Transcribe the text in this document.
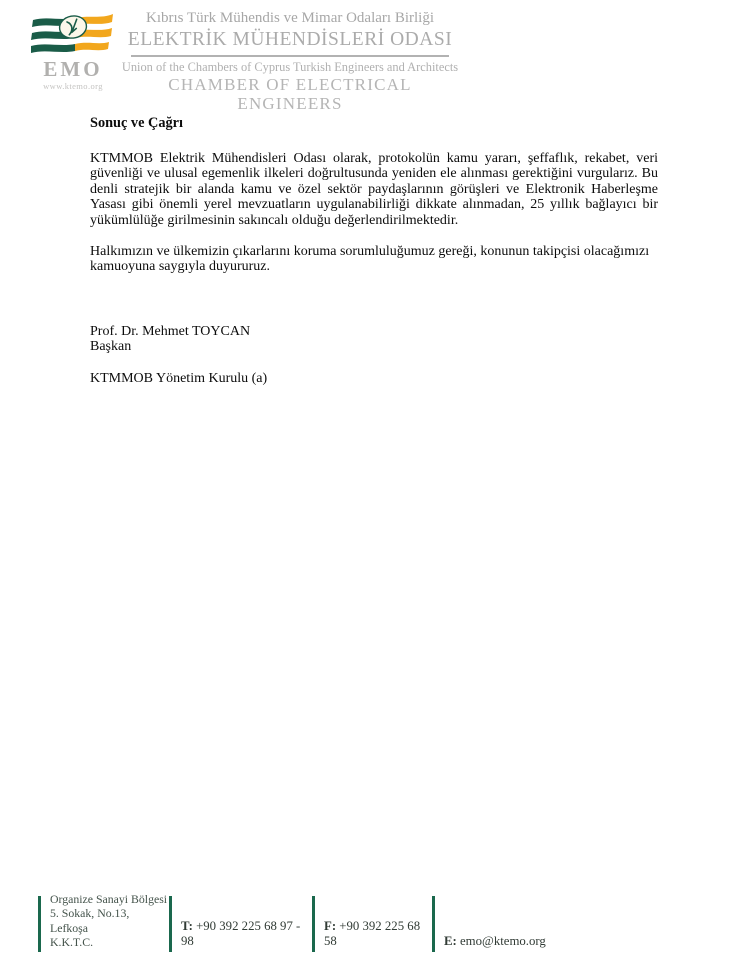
EMO
www.ktemo.org
Kıbrıs Türk Mühendis ve Mimar Odaları Birliği
ELEKTRİK MÜHENDİSLERİ ODASI
Union of the Chambers of Cyprus Turkish Engineers and Architects
CHAMBER OF ELECTRICAL ENGINEERS
Sonuç ve Çağrı

KTMMOB Elektrik Mühendisleri Odası olarak, protokolün kamu yararı, şeffaflık, rekabet, veri güvenliği ve ulusal egemenlik ilkeleri doğrultusunda yeniden ele alınması gerektiğini vurgularız. Bu denli stratejik bir alanda kamu ve özel sektör paydaşlarının görüşleri ve Elektronik Haberleşme Yasası gibi önemli yerel mevzuatların uygulanabilirliği dikkate alınmadan, 25 yıllık bağlayıcı bir yükümlülüğe girilmesinin sakıncalı olduğu değerlendirilmektedir.

Halkımızın ve ülkemizin çıkarlarını koruma sorumluluğumuz gereği, konunun takipçisi olacağımızı kamuoyuna saygıyla duyururuz.

Prof. Dr. Mehmet TOYCAN
Başkan
KTMMOB Yönetim Kurulu (a)
Organize Sanayi Bölgesi
5. Sokak, No.13, Lefkoşa
K.K.T.C.
T: +90 392 225 68 97 - 98
F: +90 392 225 68 58	E: emo@ktemo.org
